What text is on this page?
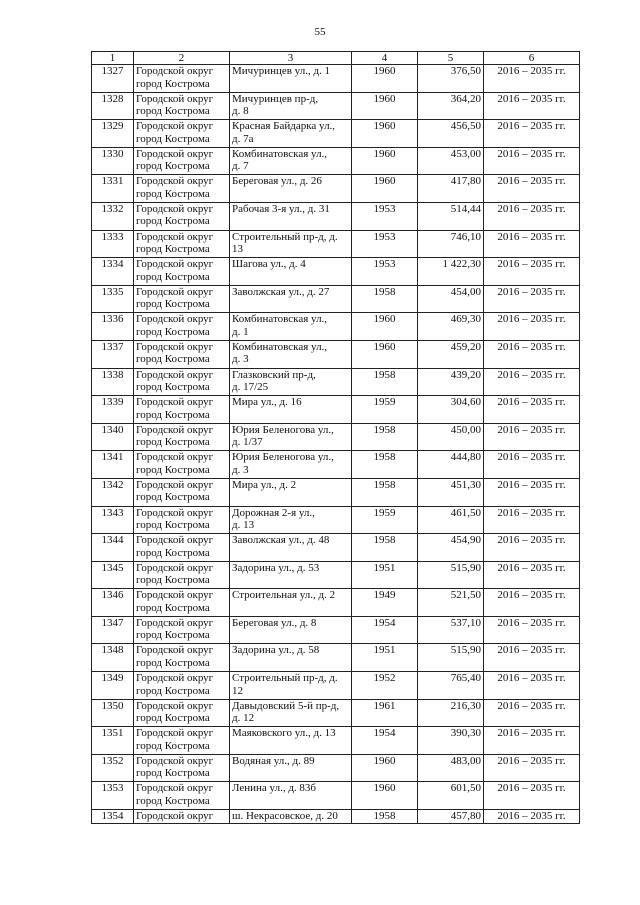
55
1	2	3	4	5	6

1327	Городской округ
город Кострома	Мичуринцев ул., д. 1	1960	376,50	2016 – 2035 гг.

1328	Городской округ
город Кострома	Мичуринцев пр-д,
д. 8	1960	364,20	2016 – 2035 гг.

1329	Городской округ
город Кострома	Красная Байдарка ул.,
д. 7а	1960	456,50	2016 – 2035 гг.

1330	Городской округ
город Кострома	Комбинатовская ул.,
д. 7	1960	453,00	2016 – 2035 гг.

1331	Городской округ
город Кострома	Береговая ул., д. 26	1960	417,80	2016 – 2035 гг.

1332	Городской округ
город Кострома	Рабочая 3-я ул., д. 31	1953	514,44	2016 – 2035 гг.

1333	Городской округ
город Кострома	Строительный пр-д, д.
13	1953	746,10	2016 – 2035 гг.

1334	Городской округ
город Кострома	Шагова ул., д. 4	1953	1 422,30	2016 – 2035 гг.

1335	Городской округ
город Кострома	Заволжская ул., д. 27	1958	454,00	2016 – 2035 гг.

1336	Городской округ
город Кострома	Комбинатовская ул.,
д. 1	1960	469,30	2016 – 2035 гг.

1337	Городской округ
город Кострома	Комбинатовская ул.,
д. 3	1960	459,20	2016 – 2035 гг.

1338	Городской округ
город Кострома	Глазковский пр-д,
д. 17/25	1958	439,20	2016 – 2035 гг.

1339	Городской округ
город Кострома	Мира ул., д. 16	1959	304,60	2016 – 2035 гг.

1340	Городской округ
город Кострома	Юрия Беленогова ул.,
д. 1/37	1958	450,00	2016 – 2035 гг.

1341	Городской округ
город Кострома	Юрия Беленогова ул.,
д. 3	1958	444,80	2016 – 2035 гг.

1342	Городской округ
город Кострома	Мира ул., д. 2	1958	451,30	2016 – 2035 гг.

1343	Городской округ
город Кострома	Дорожная 2-я ул.,
д. 13	1959	461,50	2016 – 2035 гг.

1344	Городской округ
город Кострома	Заволжская ул., д. 48	1958	454,90	2016 – 2035 гг.

1345	Городской округ
город Кострома	Задорина ул., д. 53	1951	515,90	2016 – 2035 гг.

1346	Городской округ
город Кострома	Строительная ул., д. 2	1949	521,50	2016 – 2035 гг.

1347	Городской округ
город Кострома	Береговая ул., д. 8	1954	537,10	2016 – 2035 гг.

1348	Городской округ
город Кострома	Задорина ул., д. 58	1951	515,90	2016 – 2035 гг.

1349	Городской округ
город Кострома	Строительный пр-д, д.
12	1952	765,40	2016 – 2035 гг.

1350	Городской округ
город Кострома	Давыдовский 5-й пр-д,
д. 12	1961	216,30	2016 – 2035 гг.

1351	Городской округ
город Кострома	Маяковского ул., д. 13	1954	390,30	2016 – 2035 гг.

1352	Городской округ
город Кострома	Водяная ул., д. 89	1960	483,00	2016 – 2035 гг.

1353	Городской округ
город Кострома	Ленина ул., д. 83б	1960	601,50	2016 – 2035 гг.

1354	Городской округ	ш. Некрасовское, д. 20	1958	457,80	2016 – 2035 гг.
